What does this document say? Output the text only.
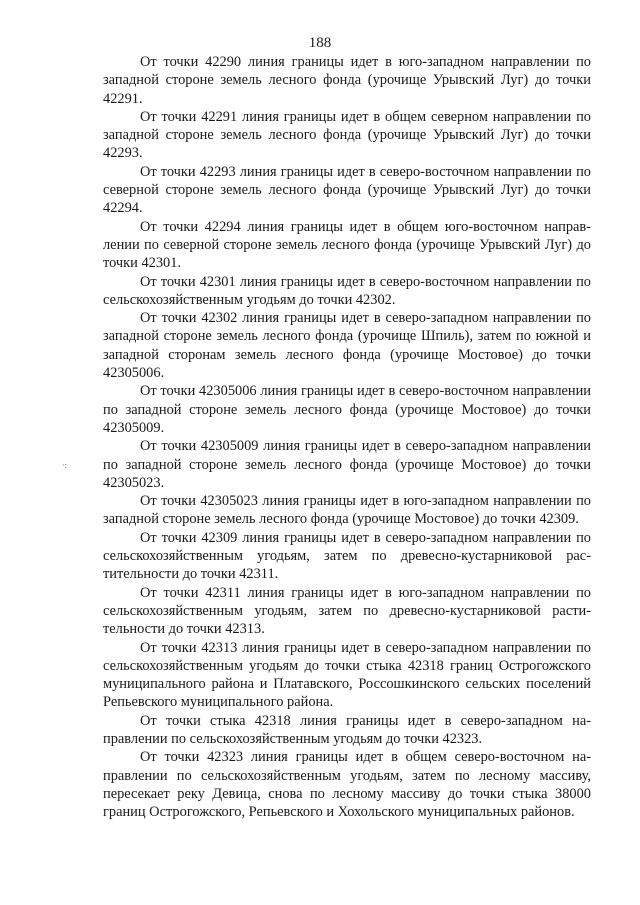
188
·:

От точки 42290 линия границы идет в юго-западном направлении по западной стороне земель лесного фонда (урочище Урывский Луг) до точки 42291.

От точки 42291 линия границы идет в общем северном направлении по западной стороне земель лесного фонда (урочище Урывский Луг) до точки 42293.

От точки 42293 линия границы идет в северо-восточном направлении по северной стороне земель лесного фонда (урочище Урывский Луг) до точки 42294.

От точки 42294 линия границы идет в общем юго-восточном направлении по северной стороне земель лесного фонда (урочище Урывский Луг) до точки 42301.

От точки 42301 линия границы идет в северо-восточном направлении по сельскохозяйственным угодьям до точки 42302.

От точки 42302 линия границы идет в северо-западном направлении по западной стороне земель лесного фонда (урочище Шпиль), затем по южной и западной сторонам земель лесного фонда (урочище Мостовое) до точки 42305006.

От точки 42305006 линия границы идет в северо-восточном направлении по западной стороне земель лесного фонда (урочище Мостовое) до точки 42305009.

От точки 42305009 линия границы идет в северо-западном направлении по западной стороне земель лесного фонда (урочище Мостовое) до точки 42305023.

От точки 42305023 линия границы идет в юго-западном направлении по западной стороне земель лесного фонда (урочище Мостовое) до точки 42309.

От точки 42309 линия границы идет в северо-западном направлении по сельскохозяйственным угодьям, затем по древесно-кустарниковой растительности до точки 42311.

От точки 42311 линия границы идет в юго-западном направлении по сельскохозяйственным угодьям, затем по древесно-кустарниковой растительности до точки 42313.

От точки 42313 линия границы идет в северо-западном направлении по сельскохозяйственным угодьям до точки стыка 42318 границ Острогожского муниципального района и Платавского, Россошкинского сельских поселений Репьевского муниципального района.

От точки стыка 42318 линия границы идет в северо-западном направлении по сельскохозяйственным угодьям до точки 42323.

От точки 42323 линия границы идет в общем северо-восточном направлении по сельскохозяйственным угодьям, затем по лесному массиву, пересекает реку Девица, снова по лесному массиву до точки стыка 38000 границ Острогожского, Репьевского и Хохольского муниципальных районов.
